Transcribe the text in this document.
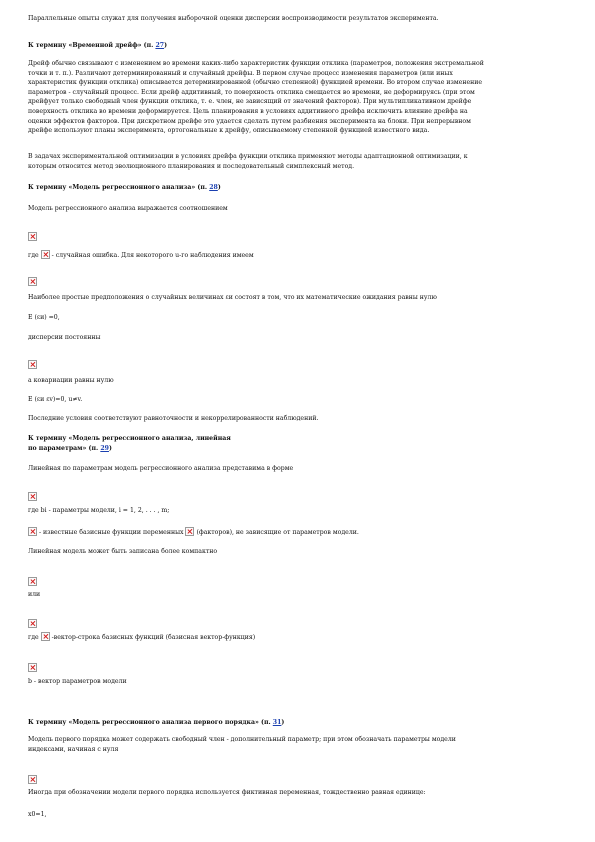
Параллельные опыты служат для получения выборочной оценки дисперсии воспроизводимости результатов эксперимента.
К термину «Временной дрейф» (п. 27)
Дрейф обычно связывают с изменением во времени каких-либо характеристик функции отклика (параметров, положения экстремальной
точки и т. п.). Различают детерминированный и случайный дрейфы. В первом случае процесс изменения параметров (или иных
характеристик функции отклика) описывается детерминированной (обычно степенной) функцией времени. Во втором случае изменение
параметров - случайный процесс. Если дрейф аддитивный, то поверхность отклика смещается во времени, не деформируясь (при этом
дрейфует только свободный член функции отклика, т. е. член, не зависящий от значений факторов). При мультипликативном дрейфе
поверхность отклика во времени деформируется. Цель планирования в условиях аддитивного дрейфа исключить влияние дрейфа на
оценки эффектов факторов. При дискретном дрейфе это удается сделать путем разбиения эксперимента на блоки. При непрерывном
дрейфе используют планы эксперимента, ортогональные к дрейфу, описываемому степенной функцией известного вида.
В задачах экспериментальной оптимизации в условиях дрейфа функции отклика применяют методы адаптационной оптимизации, к
которым относится метод эволюционного планирования и последовательный симплексный метод.
К термину «Модель регрессионного анализа» (п. 28)
Модель регрессионного анализа выражается соотношением
где  - случайная ошибка. Для некоторого u-го наблюдения имеем
Наиболее простые предположения о случайных величинах εи состоят в том, что их математические ожидания равны нулю
E (εи) =0,
дисперсии постоянны
а ковариации равны нулю
E (εи εv)=0, u≠v.
Последние условия соответствуют равноточности и некоррелированности наблюдений.
К термину «Модель регрессионного анализа, линейная
по параметрам» (п. 29)
Линейная по параметрам модель регрессионного анализа представима в форме
где bi - параметры модели, i = 1, 2, . . . , m;
- известные базисные функции переменных  (факторов), не зависящие от параметров модели.
Линейная модель может быть записана более компактно
или
где  -вектор-строка базисных функций (базисная вектор-функция)
b - вектор параметров модели
К термину «Модель регрессионного анализа первого порядка» (п. 31)
Модель первого порядка может содержать свободный член - дополнительный параметр; при этом обозначать параметры модели
индексами, начиная с нуля
Иногда при обозначении модели первого порядка используется фиктивная переменная, тождественно равная единице:
x0=1,
